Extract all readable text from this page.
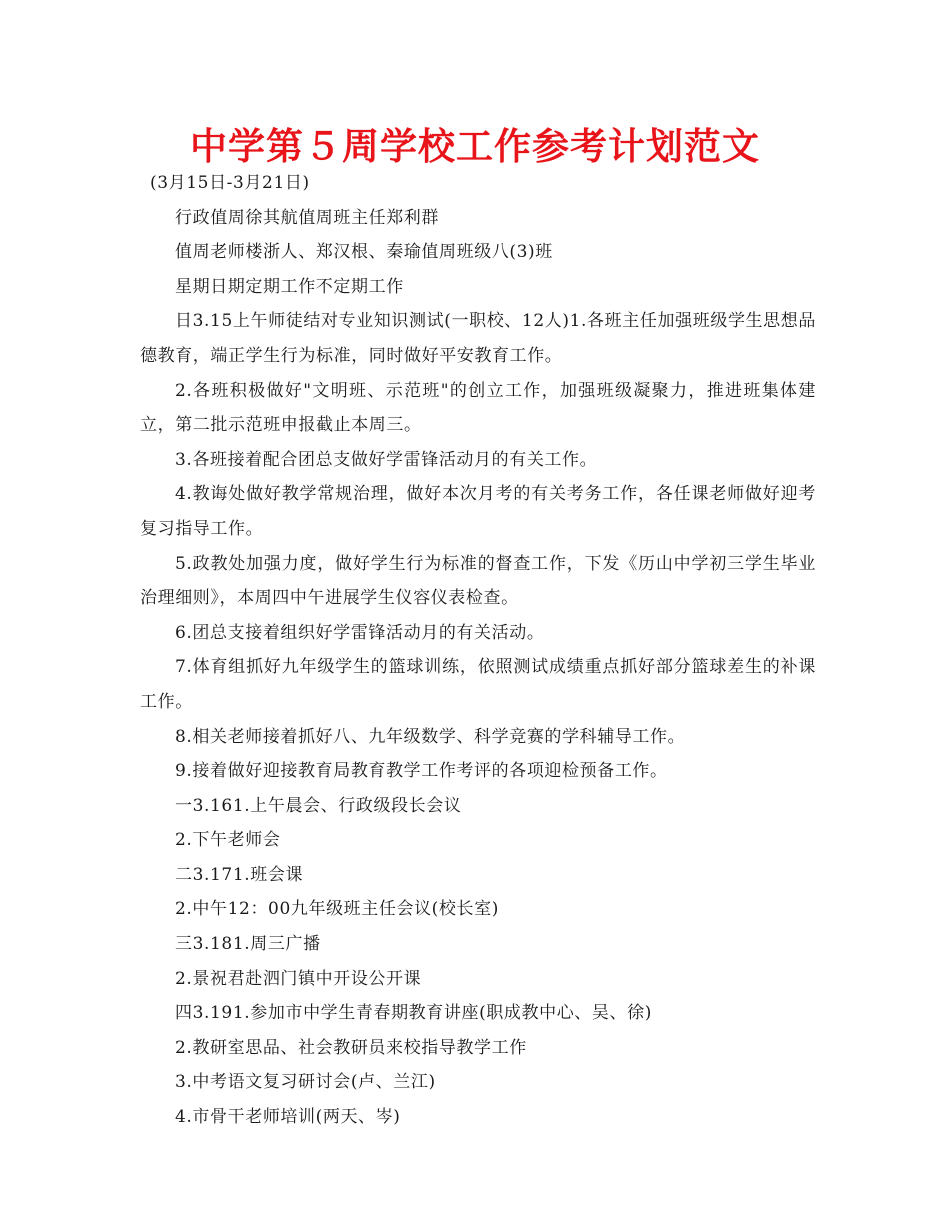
中学第５周学校工作参考计划范文

(3月15日-3月21日)

行政值周徐其航值周班主任郑利群

值周老师楼浙人、郑汉根、秦瑜值周班级八(3)班

星期日期定期工作不定期工作

日3.15上午师徒结对专业知识测试(一职校、12人)1.各班主任加强班级学生思想品德教育，端正学生行为标准，同时做好平安教育工作。

2.各班积极做好"文明班、示范班"的创立工作，加强班级凝聚力，推进班集体建立，第二批示范班申报截止本周三。

3.各班接着配合团总支做好学雷锋活动月的有关工作。

4.教诲处做好教学常规治理，做好本次月考的有关考务工作，各任课老师做好迎考复习指导工作。

5.政教处加强力度，做好学生行为标准的督查工作，下发《历山中学初三学生毕业治理细则》，本周四中午进展学生仪容仪表检查。

6.团总支接着组织好学雷锋活动月的有关活动。

7.体育组抓好九年级学生的篮球训练，依照测试成绩重点抓好部分篮球差生的补课工作。

8.相关老师接着抓好八、九年级数学、科学竞赛的学科辅导工作。

9.接着做好迎接教育局教育教学工作考评的各项迎检预备工作。

一3.161.上午晨会、行政级段长会议

2.下午老师会

二3.171.班会课

2.中午12：00九年级班主任会议(校长室)

三3.181.周三广播

2.景祝君赴泗门镇中开设公开课

四3.191.参加市中学生青春期教育讲座(职成教中心、吴、徐)

2.教研室思品、社会教研员来校指导教学工作

3.中考语文复习研讨会(卢、兰江)

4.市骨干老师培训(两天、岑)
